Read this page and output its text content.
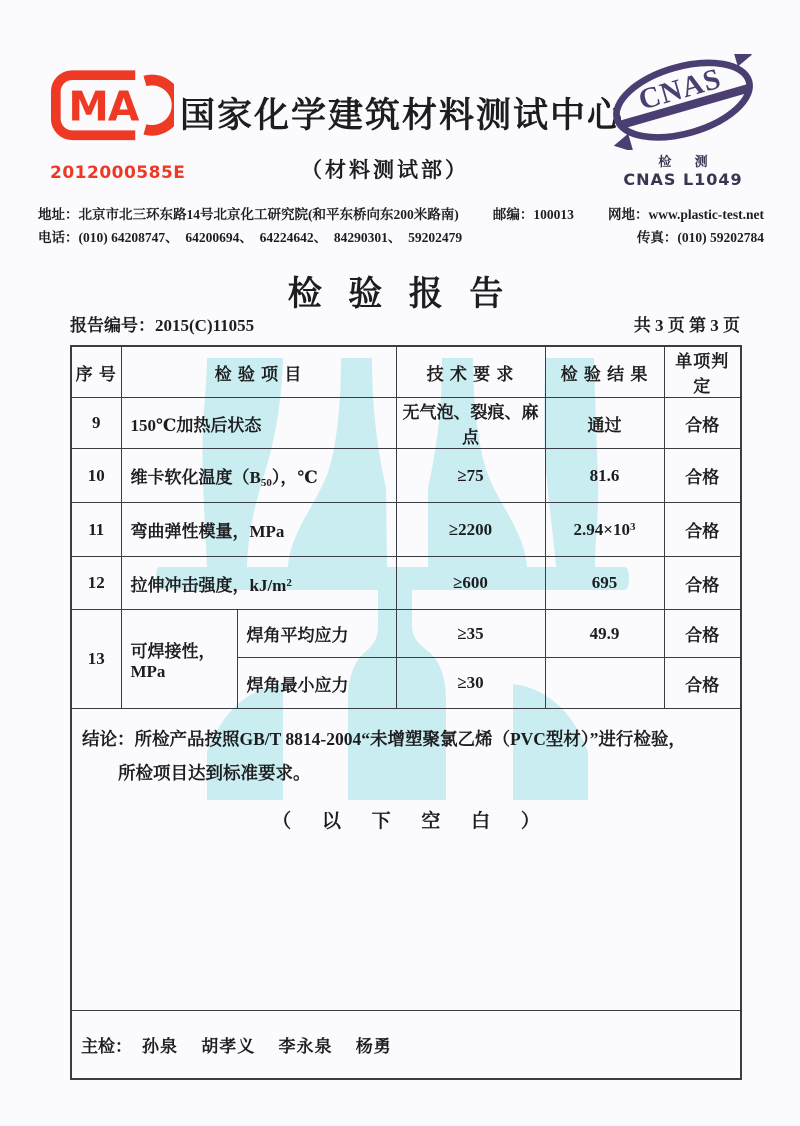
MA
2012000585E
国家化学建筑材料测试中心
（材料测试部）
CNAS
检 测
CNAS L1049
地址：北京市北三环东路14号北京化工研究院(和平东桥向东200米路南)	邮编：100013	网地：www.plastic-test.net
电话：(010) 64208747、　64200694、　64224642、　84290301、　59202479	传真：(010) 59202784
检 验 报 告
报告编号：2015(C)11055	共 3 页 第 3 页
序 号	检 验 项 目		技 术 要 求	检 验 结 果	单项判定
9	150℃加热后状态		无气泡、裂痕、麻点	通过	合格
10	维卡软化温度$(B_{50})$，℃		≥75	81.6	合格
11	弯曲弹性模量，MPa		≥2200	$2.94\times 10^3$	合格
12	拉伸冲击强度，$kJ/m^2$		≥600	695	合格
13	可焊接性，MPa	焊角平均应力	≥35	49.9	合格
		焊角最小应力	≥30		合格

结论：所检产品按照GB/T 8814-2004“未增塑聚氯乙烯（PVC型材）”进行检验，
所检项目达到标准要求。
（ 以 下 空 白 ）					

主检： 孙泉　 胡孝义　 李永泉　 杨勇					
